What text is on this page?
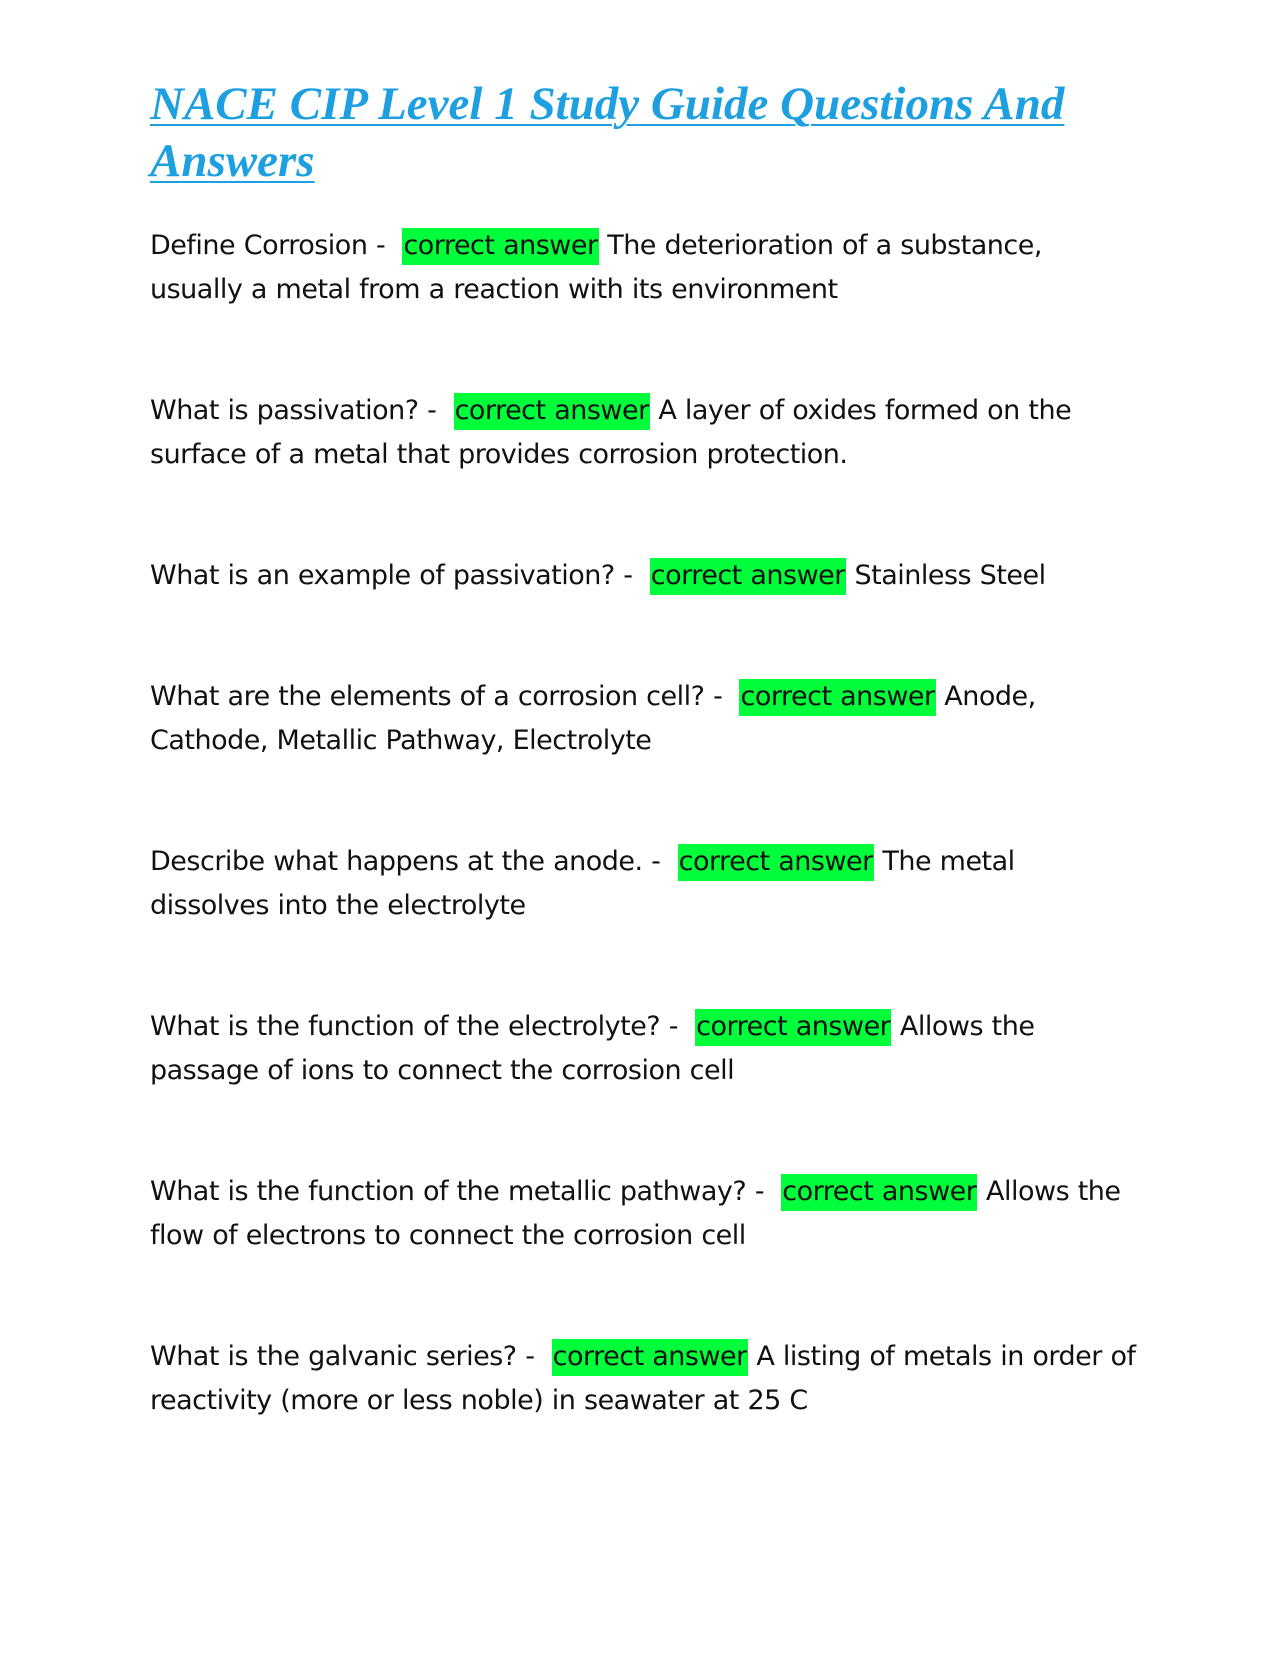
NACE CIP Level 1 Study Guide Questions And Answers
Define Corrosion -  correct answer The deterioration of a substance, usually a metal from a reaction with its environment
What is passivation? -  correct answer A layer of oxides formed on the surface of a metal that provides corrosion protection.
What is an example of passivation? -  correct answer Stainless Steel
What are the elements of a corrosion cell? -  correct answer Anode, Cathode, Metallic Pathway, Electrolyte
Describe what happens at the anode. -  correct answer The metal dissolves into the electrolyte
What is the function of the electrolyte? -  correct answer Allows the passage of ions to connect the corrosion cell
What is the function of the metallic pathway? -  correct answer Allows the flow of electrons to connect the corrosion cell
What is the galvanic series? -  correct answer A listing of metals in order of reactivity (more or less noble) in seawater at 25 C
